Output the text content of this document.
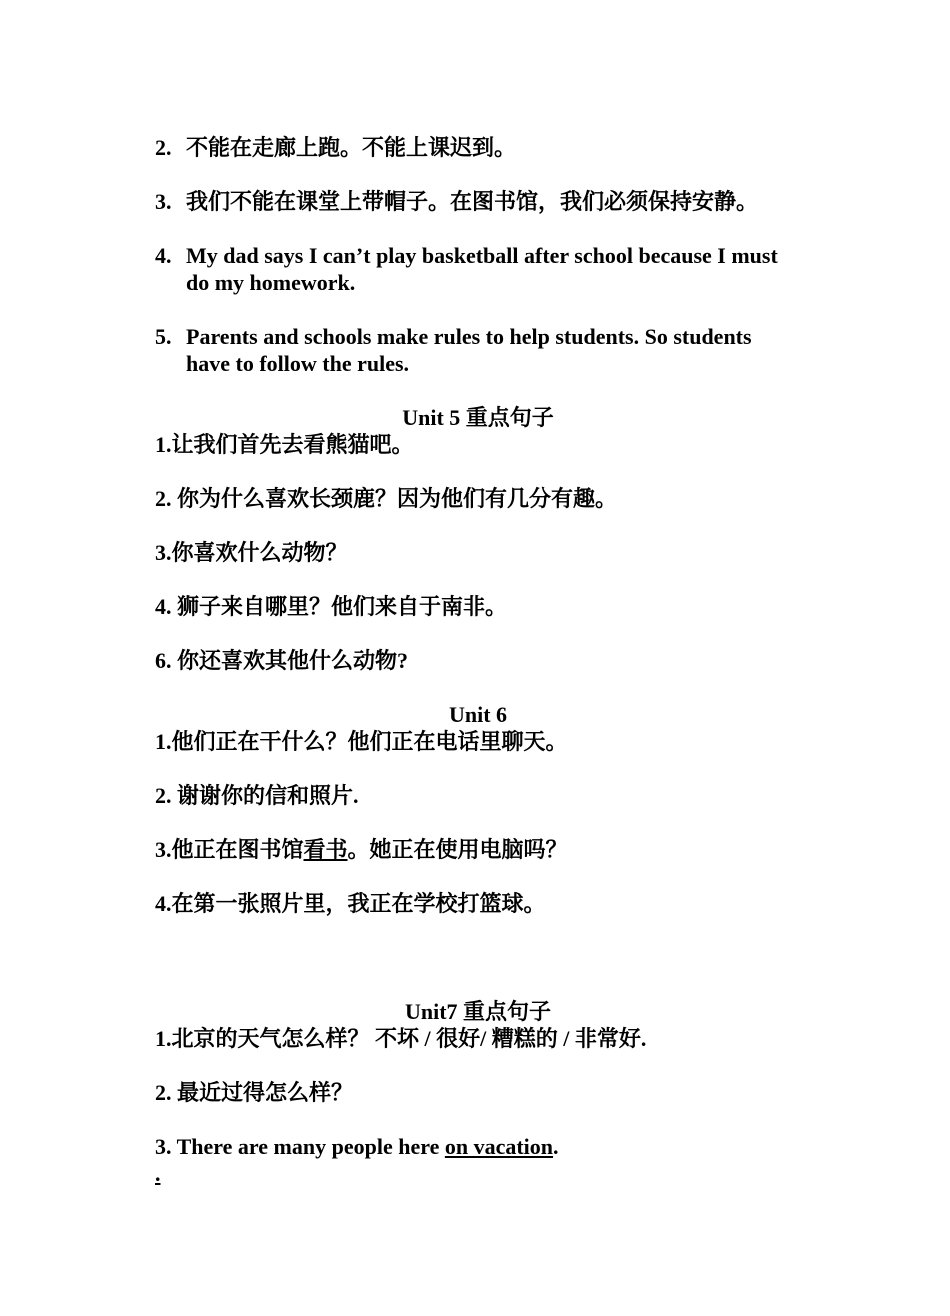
2. 不能在走廊上跑。不能上课迟到。
3. 我们不能在课堂上带帽子。在图书馆，我们必须保持安静。
4. My dad says I can’t play basketball after school because I must do my homework.
5. Parents and schools make rules to help students. So students have to follow the rules.
Unit 5 重点句子
1.让我们首先去看熊猫吧。
2. 你为什么喜欢长颈鹿？因为他们有几分有趣。
3.你喜欢什么动物？
4. 狮子来自哪里？他们来自于南非。
6. 你还喜欢其他什么动物?
Unit 6
1.他们正在干什么？他们正在电话里聊天。
2. 谢谢你的信和照片.
3.他正在图书馆看书。她正在使用电脑吗？
4.在第一张照片里，我正在学校打篮球。
Unit7 重点句子
1.北京的天气怎么样？ 不坏 / 很好/ 糟糕的 / 非常好.
2. 最近过得怎么样？
3. There are many people here on vacation.
.
